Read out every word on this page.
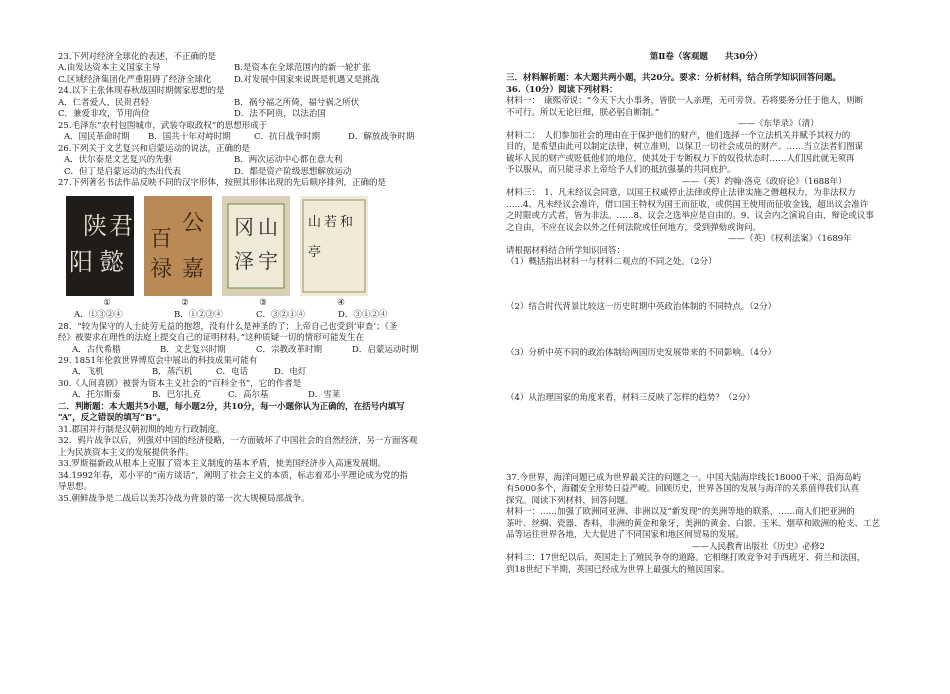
23.下列对经济全球化的表述，不正确的是

A.由发达资本主义国家主导	B.是资本在全球范围内的新一轮扩张
C.区域经济集团化严重阻碍了经济全球化	D.对发展中国家来说既是机遇又是挑战

24.以下主张体现春秋战国时期儒家思想的是

A．仁者爱人，民贵君轻	B．祸兮福之所倚，福兮祸之所伏
C．兼爱非攻，节用尚俭	D．法不阿贵，以法治国

25.毛泽东“农村包围城市，武装夺取政权”的思想形成于

A．国民革命时期	B．国共十年对峙时期	C．抗日战争时期	D．解放战争时期

26.下列关于文艺复兴和启蒙运动的说法，正确的是

A．伏尔泰是文艺复兴的先驱	B．两次运动中心都在意大利
C．但丁是启蒙运动的杰出代表	D．都是资产阶级思想解放运动

27.下列著名书法作品反映不同的汉字形体，按照其形体出现的先后顺序排列，正确的是

陕 君
阳 懿
公
百
禄 嘉
冈 山
泽 宇
山 若 和
亭
①	②	③	④
A．①③②④	B．①②③④	C．③②①④	D．③①②④

28．“较为保守的人士徒劳无益的抱怨，没有什么是神圣的了；上帝自己也受到‘审查’；《圣

经》被要求在理性的法庭上提交自己的证明材料。”这种质疑一切的情形可能发生在

A．古代希腊	B．文艺复兴时期	C．宗教改革时期	D．启蒙运动时期

29. 1851年伦敦世界博览会中展出的科技成果可能有

A．飞机	B．蒸汽机	C．电话	D．电灯

30.《人间喜剧》被誉为资本主义社会的“百科全书”，它的作者是

A．托尔斯泰	B．巴尔扎克	C．高尔基	D．雪莱

二．判断题：本大题共5小题，每小题2分，共10分，每一小题你认为正确的，在括号内填写

“A”，反之错误的填写“B”。

31.郡国并行制是汉朝初期的地方行政制度。

32．鸦片战争以后，列强对中国的经济侵略，一方面破坏了中国社会的自然经济，另一方面客观

上为民族资本主义的发展提供条件。

33.罗斯福新政从根本上克服了资本主义制度的基本矛盾，使美国经济步入高速发展期。

34.1992年春，邓小平的“南方谈话”，阐明了社会主义的本质，标志着邓小平理论成为党的指

导思想。

35.朝鲜战争是二战后以美苏冷战为背景的第一次大规模局部战争。

第Ⅱ卷（客观题　　共30分）

三．材料解析题：本大题共两小题，共20分。要求：分析材料，结合所学知识回答问题。

36.（10分）阅读下列材料：

材料一：　康熙帝说：“今天下大小事务，皆朕一人亲理，无可旁贷。若将要务分任于他人，则断

不可行。所以无论巨细，朕必躬自断制。”

——《东华录》（清）

材料二：　人们参加社会的理由在于保护他们的财产，他们选择一个立法机关并赋予其权力的

目的，是希望由此可以制定法律，树立准则，以保卫一切社会成员的财产。……当立法者们图谋

破坏人民的财产或贬低他们的地位，使其处于专断权力下的奴役状态时……人们因此就无须再

予以服从，而只能寻求上帝给予人们的抵抗强暴的共同庇护。

——（英）约翰·洛克《政府论》（1688年）

材料三：　1、凡未经议会同意，以国王权威停止法律或停止法律实施之僭越权力，为非法权力

……4、凡未经议会准许，借口国王特权为国王而征收，或供国王使用而征收金钱，超出议会准许

之时限或方式者，皆为非法。……8、议会之选举应是自由的。9、议会内之演说自由，辩论或议事

之自由，不应在议会以外之任何法院或任何地方，受到弹劾或询问。

——（英）《权利法案》（1689年

请根据材料结合所学知识回答：

（1）概括指出材料一与材料二观点的不同之处。（2分）

（2）结合时代背景比较这一历史时期中英政治体制的不同特点。（2分）

（3）分析中英不同的政治体制给两国历史发展带来的不同影响。（4分）

（4）从治理国家的角度来看，材料三反映了怎样的趋势？（2分）

37.今世界，海洋问题已成为世界最关注的问题之一。中国大陆海岸线长18000千米，沿海岛屿

有5000多个，海疆安全形势日益严峻。回顾历史，世界各国的发展与海洋的关系值得我们认真

探究。阅读下列材料，回答问题。

材料一：……加强了欧洲同亚洲、非洲以及“新发现”的美洲等地的联系，……商人们把亚洲的

茶叶、丝绸、瓷器、香料，非洲的黄金和象牙，美洲的黄金、白银、玉米、烟草和欧洲的枪支、工艺

品等运往世界各地，大大促进了不同国家和地区间贸易的发展。

——人民教育出版社《历史》必修2

材料二：17世纪以后，英国走上了殖民争夺的道路。它相继打败竞争对手西班牙、荷兰和法国，

到18世纪下半期，英国已经成为世界上最强大的殖民国家。
